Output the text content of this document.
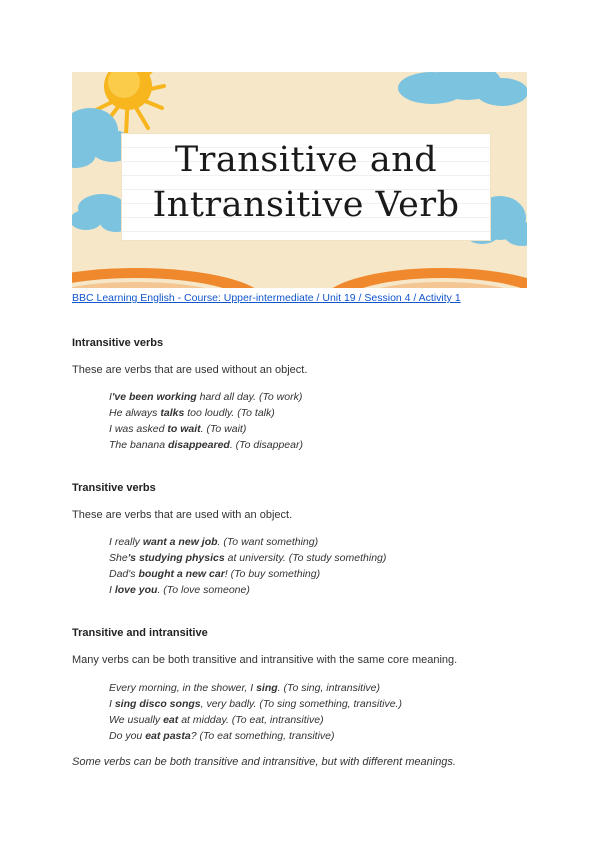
Transitive and
Intransitive Verb
BBC Learning English - Course: Upper-intermediate / Unit 19 / Session 4 / Activity 1
Intransitive verbs

These are verbs that are used without an object.

I've been working hard all day. (To work)
He always talks too loudly. (To talk)
I was asked to wait. (To wait)
The banana disappeared. (To disappear)
Transitive verbs

These are verbs that are used with an object.

I really want a new job. (To want something)
She's studying physics at university. (To study something)
Dad's bought a new car! (To buy something)
I love you. (To love someone)
Transitive and intransitive

Many verbs can be both transitive and intransitive with the same core meaning.

Every morning, in the shower, I sing. (To sing, intransitive)
I sing disco songs, very badly. (To sing something, transitive.)
We usually eat at midday. (To eat, intransitive)
Do you eat pasta? (To eat something, transitive)

Some verbs can be both transitive and intransitive, but with different meanings.
